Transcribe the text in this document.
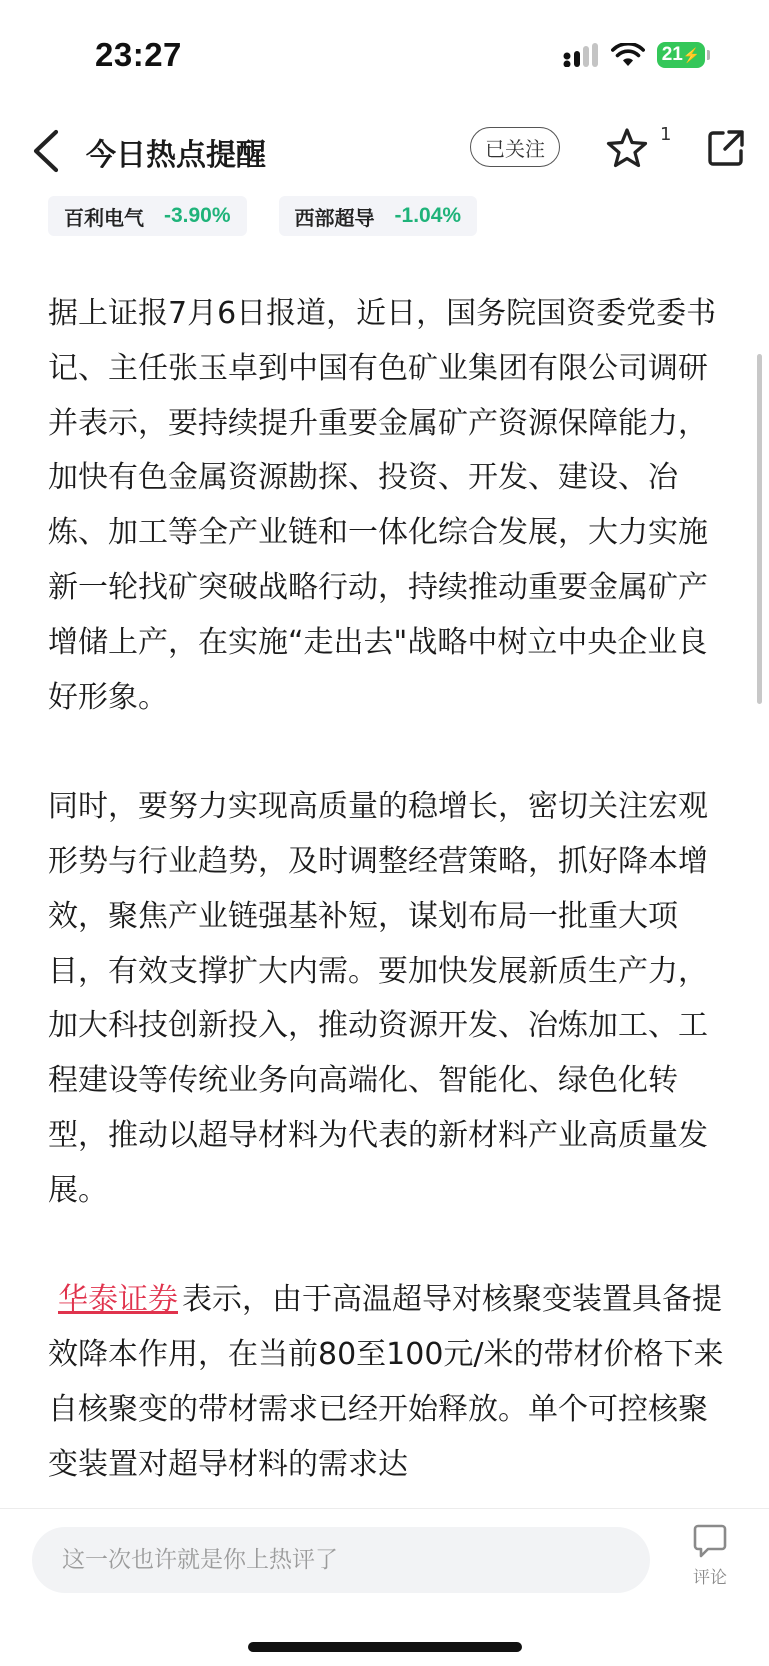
23:27	21 ⚡
今日热点提醒	已关注
1
百利电气 -3.90%	西部超导 -1.04%

据上证报7月6日报道，近日，国务院国资委党委书记、主任张玉卓到中国有色矿业集团有限公司调研并表示，要持续提升重要金属矿产资源保障能力，加快有色金属资源勘探、投资、开发、建设、冶炼、加工等全产业链和一体化综合发展，大力实施新一轮找矿突破战略行动，持续推动重要金属矿产增储上产，在实施“走出去"战略中树立中央企业良好形象。

同时，要努力实现高质量的稳增长，密切关注宏观形势与行业趋势，及时调整经营策略，抓好降本增效，聚焦产业链强基补短，谋划布局一批重大项目，有效支撑扩大内需。要加快发展新质生产力，加大科技创新投入，推动资源开发、冶炼加工、工程建设等传统业务向高端化、智能化、绿色化转型，推动以超导材料为代表的新材料产业高质量发展。

华泰证券 表示，由于高温超导对核聚变装置具备提效降本作用，在当前80至100元/米的带材价格下来自核聚变的带材需求已经开始释放。单个可控核聚变装置对超导材料的需求达

这一次也许就是你上热评了
评论
